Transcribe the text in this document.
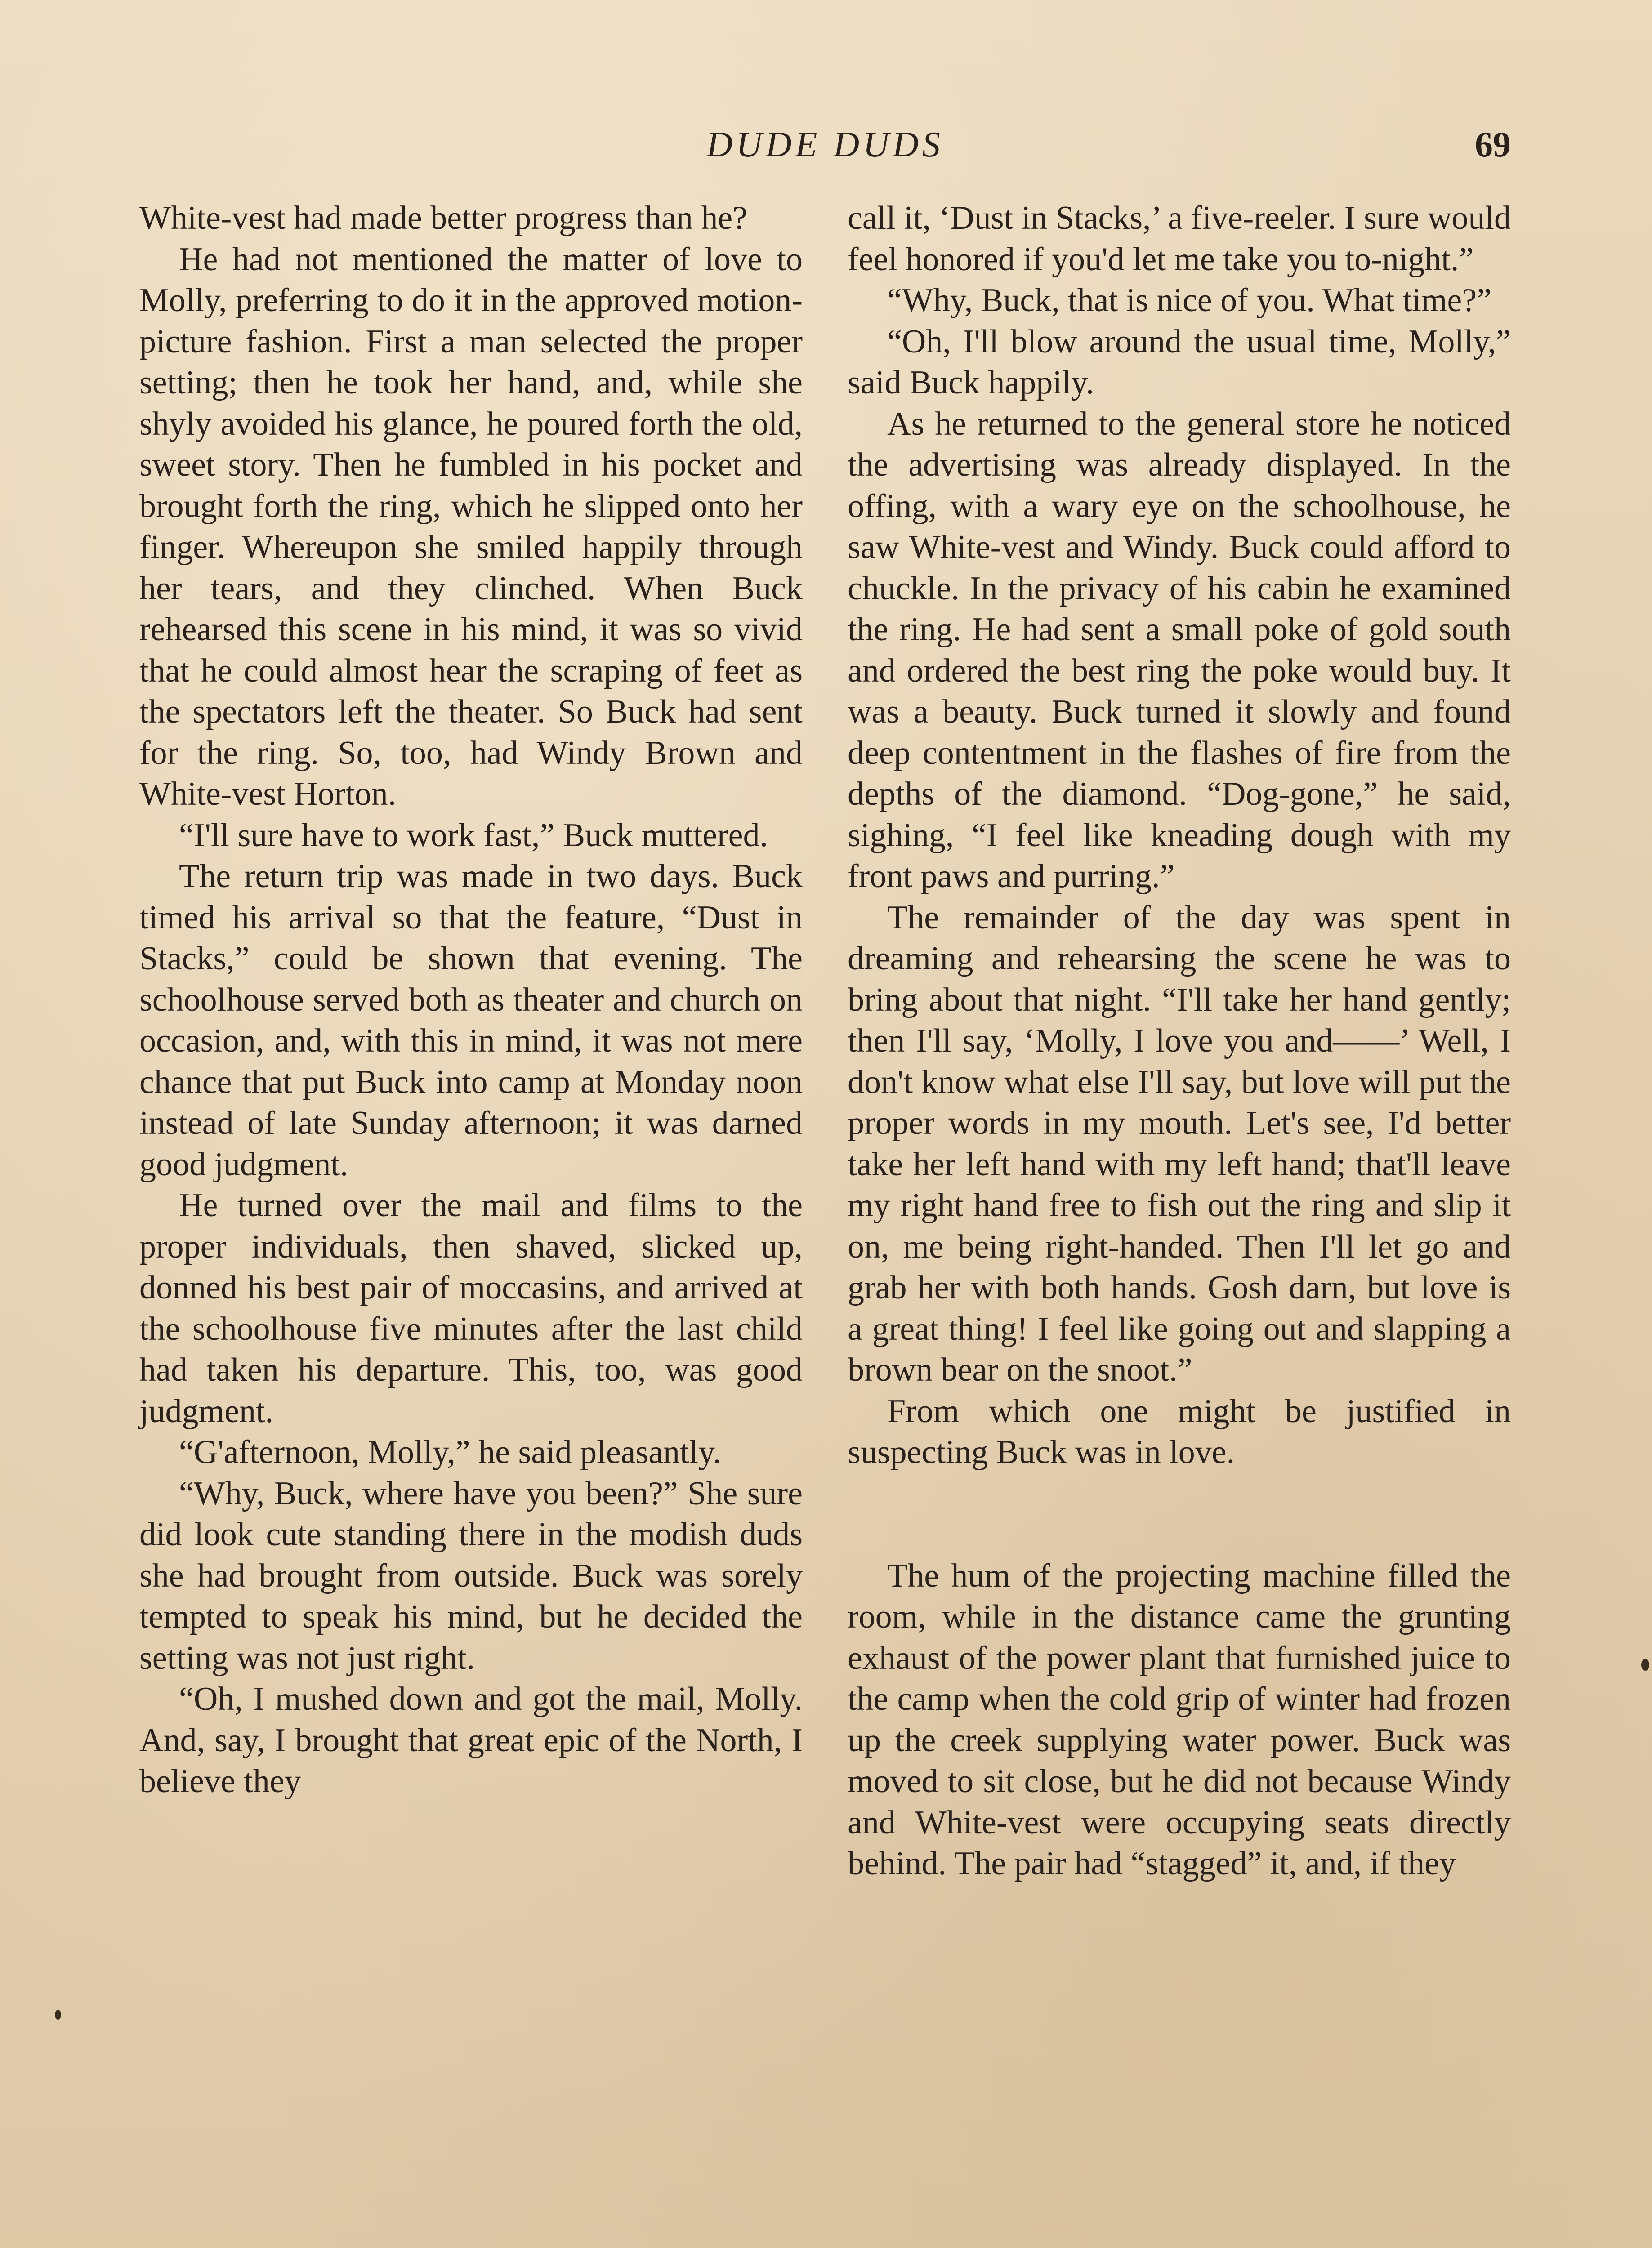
DUDE DUDS	69

White-vest had made better progress than he?

He had not mentioned the matter of love to Molly, preferring to do it in the approved motion-picture fashion. First a man selected the proper setting; then he took her hand, and, while she shyly avoided his glance, he poured forth the old, sweet story. Then he fumbled in his pocket and brought forth the ring, which he slipped onto her finger. Whereupon she smiled happily through her tears, and they clinched. When Buck rehearsed this scene in his mind, it was so vivid that he could almost hear the scraping of feet as the spectators left the theater. So Buck had sent for the ring. So, too, had Windy Brown and White-vest Horton.

“I'll sure have to work fast,” Buck muttered.

The return trip was made in two days. Buck timed his arrival so that the feature, “Dust in Stacks,” could be shown that evening. The schoolhouse served both as theater and church on occasion, and, with this in mind, it was not mere chance that put Buck into camp at Monday noon instead of late Sunday afternoon; it was darned good judgment.

He turned over the mail and films to the proper individuals, then shaved, slicked up, donned his best pair of moccasins, and arrived at the schoolhouse five minutes after the last child had taken his departure. This, too, was good judgment.

“G'afternoon, Molly,” he said pleasantly.

“Why, Buck, where have you been?” She sure did look cute standing there in the modish duds she had brought from outside. Buck was sorely tempted to speak his mind, but he decided the setting was not just right.

“Oh, I mushed down and got the mail, Molly. And, say, I brought that great epic of the North, I believe they

call it, ‘Dust in Stacks,’ a five-reeler. I sure would feel honored if you'd let me take you to-night.”

“Why, Buck, that is nice of you. What time?”

“Oh, I'll blow around the usual time, Molly,” said Buck happily.

As he returned to the general store he noticed the advertising was already displayed. In the offing, with a wary eye on the schoolhouse, he saw White-vest and Windy. Buck could afford to chuckle. In the privacy of his cabin he examined the ring. He had sent a small poke of gold south and ordered the best ring the poke would buy. It was a beauty. Buck turned it slowly and found deep contentment in the flashes of fire from the depths of the diamond. “Dog-gone,” he said, sighing, “I feel like kneading dough with my front paws and purring.”

The remainder of the day was spent in dreaming and rehearsing the scene he was to bring about that night. “I'll take her hand gently; then I'll say, ‘Molly, I love you and——’ Well, I don't know what else I'll say, but love will put the proper words in my mouth. Let's see, I'd better take her left hand with my left hand; that'll leave my right hand free to fish out the ring and slip it on, me being right-handed. Then I'll let go and grab her with both hands. Gosh darn, but love is a great thing! I feel like going out and slapping a brown bear on the snoot.”

From which one might be justified in suspecting Buck was in love.

The hum of the projecting machine filled the room, while in the distance came the grunting exhaust of the power plant that furnished juice to the camp when the cold grip of winter had frozen up the creek supplying water power. Buck was moved to sit close, but he did not because Windy and White-vest were occupying seats directly behind. The pair had “stagged” it, and, if they
